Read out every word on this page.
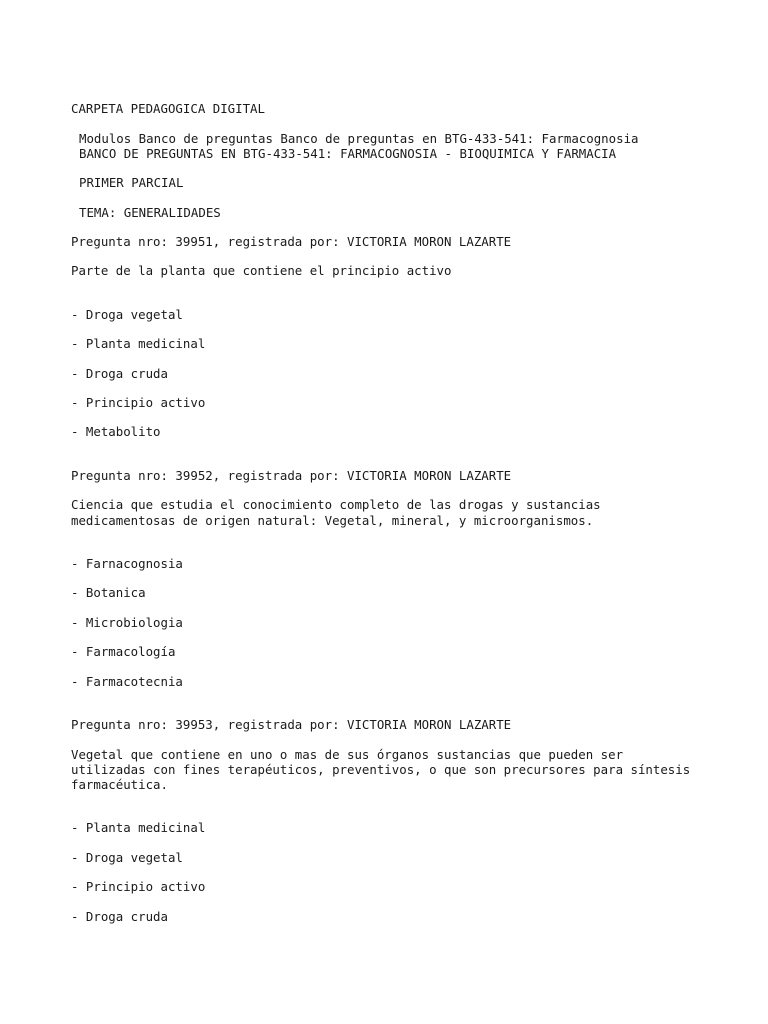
CARPETA PEDAGOGICA DIGITAL
Modulos Banco de preguntas Banco de preguntas en BTG-433-541: Farmacognosia
BANCO DE PREGUNTAS EN BTG-433-541: FARMACOGNOSIA - BIOQUIMICA Y FARMACIA
PRIMER PARCIAL
TEMA: GENERALIDADES
Pregunta nro: 39951, registrada por: VICTORIA MORON LAZARTE
Parte de la planta que contiene el principio activo
- Droga vegetal
- Planta medicinal
- Droga cruda
- Principio activo
- Metabolito
Pregunta nro: 39952, registrada por: VICTORIA MORON LAZARTE
Ciencia que estudia el conocimiento completo de las drogas y sustancias
medicamentosas de origen natural: Vegetal, mineral, y microorganismos.
- Farnacognosia
- Botanica
- Microbiologia
- Farmacología
- Farmacotecnia
Pregunta nro: 39953, registrada por: VICTORIA MORON LAZARTE
Vegetal que contiene en uno o mas de sus órganos sustancias que pueden ser
utilizadas con fines terapéuticos, preventivos, o que son precursores para síntesis
farmacéutica.
- Planta medicinal
- Droga vegetal
- Principio activo
- Droga cruda
